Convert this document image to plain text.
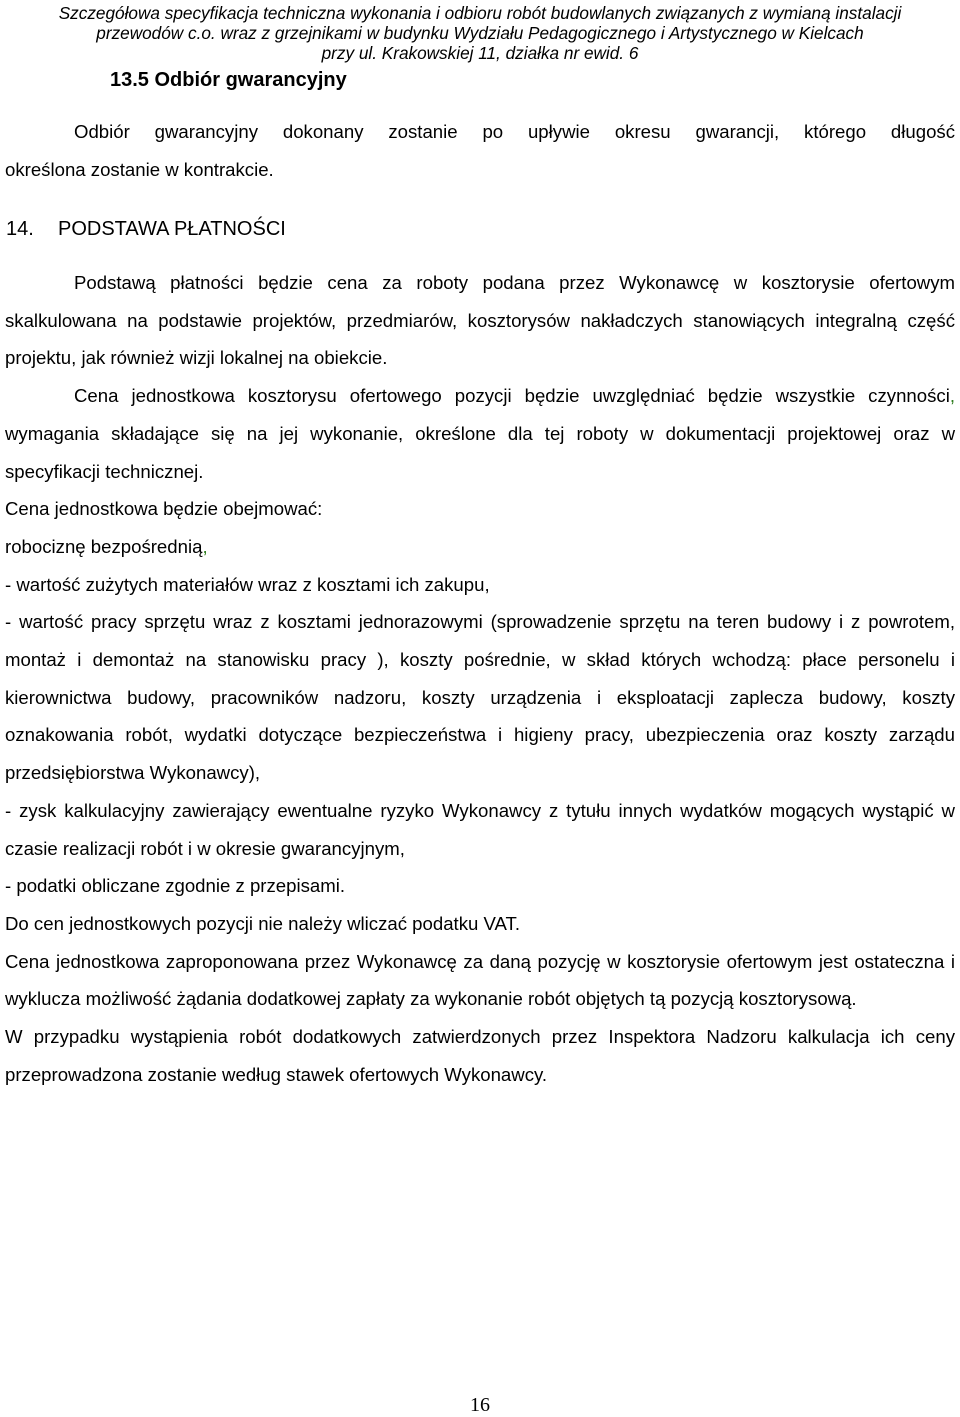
Szczegółowa specyfikacja techniczna wykonania i odbioru robót budowlanych związanych z wymianą instalacji
przewodów c.o. wraz z grzejnikami w budynku Wydziału Pedagogicznego i Artystycznego w Kielcach
przy ul. Krakowskiej 11, działka nr ewid. 6
13.5 Odbiór gwarancyjny

Odbiór gwarancyjny dokonany zostanie po upływie okresu gwarancji, którego długość

określona zostanie w kontrakcie.

14. PODSTAWA PŁATNOŚCI

Podstawą płatności będzie cena za roboty podana przez Wykonawcę w kosztorysie ofertowym skalkulowana na podstawie projektów, przedmiarów, kosztorysów nakładczych stanowiących integralną część projektu, jak również wizji lokalnej na obiekcie.

Cena jednostkowa kosztorysu ofertowego pozycji będzie uwzględniać będzie wszystkie czynności, wymagania składające się na jej wykonanie, określone dla tej roboty w dokumentacji projektowej oraz w specyfikacji technicznej.

Cena jednostkowa będzie obejmować:

robociznę bezpośrednią,

- wartość zużytych materiałów wraz z kosztami ich zakupu,

- wartość pracy sprzętu wraz z kosztami jednorazowymi (sprowadzenie sprzętu na teren budowy i z powrotem, montaż i demontaż na stanowisku pracy ), koszty pośrednie, w skład których wchodzą: płace personelu i kierownictwa budowy, pracowników nadzoru, koszty urządzenia i eksploatacji zaplecza budowy, koszty oznakowania robót, wydatki dotyczące bezpieczeństwa i higieny pracy, ubezpieczenia oraz koszty zarządu przedsiębiorstwa Wykonawcy),

- zysk kalkulacyjny zawierający ewentualne ryzyko Wykonawcy z tytułu innych wydatków mogących wystąpić w czasie realizacji robót i w okresie gwarancyjnym,

- podatki obliczane zgodnie z przepisami.

Do cen jednostkowych pozycji nie należy wliczać podatku VAT.

Cena jednostkowa zaproponowana przez Wykonawcę za daną pozycję w kosztorysie ofertowym jest ostateczna i wyklucza możliwość żądania dodatkowej zapłaty za wykonanie robót objętych tą pozycją kosztorysową.

W przypadku wystąpienia robót dodatkowych zatwierdzonych przez Inspektora Nadzoru kalkulacja ich ceny przeprowadzona zostanie według stawek ofertowych Wykonawcy.

16
